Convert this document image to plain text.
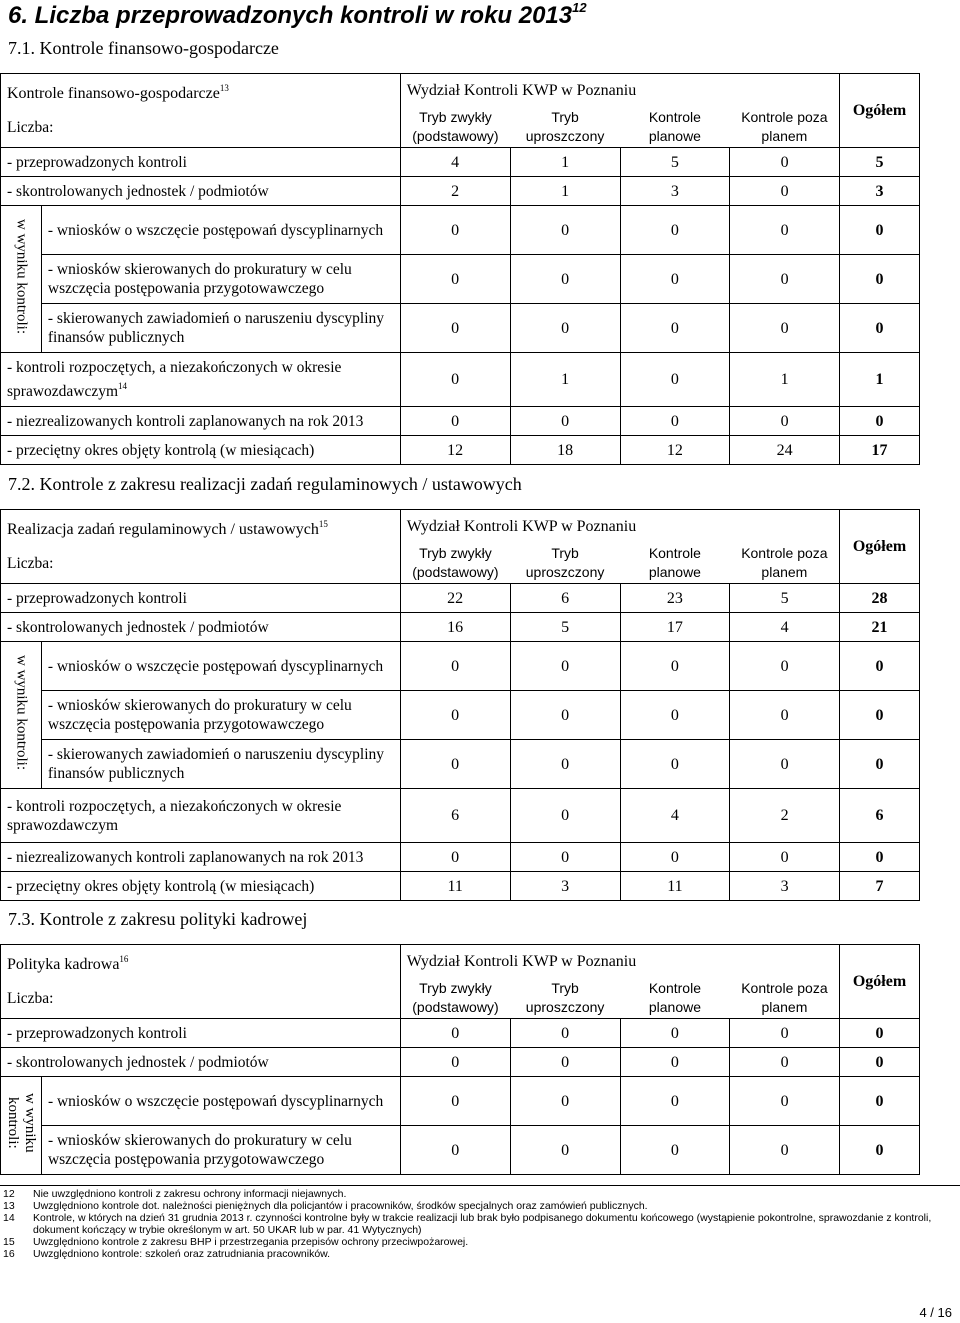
6. Liczba przeprowadzonych kontroli w roku 2013$^{12}$
7.1. Kontrole finansowo-gospodarcze
Kontrole finansowo-gospodarcze$^{13}$		Wydział Kontroli KWP w Poznaniu				Ogółem
Liczba:		Tryb zwykły (podstawowy)	Tryb uproszczony	Kontrole planowe	Kontrole poza planem	
- przeprowadzonych kontroli		4	1	5	0	5
- skontrolowanych jednostek / podmiotów		2	1	3	0	3
w wyniku kontroli:	- wniosków o wszczęcie postępowań dyscyplinarnych	0	0	0	0	0
	- wniosków skierowanych do prokuratury w celu wszczęcia postępowania przygotowawczego	0	0	0	0	0
	- skierowanych zawiadomień o naruszeniu dyscypliny finansów publicznych	0	0	0	0	0
- kontroli rozpoczętych, a niezakończonych w okresie sprawozdawczym$^{14}$		0	1	0	1	1
- niezrealizowanych kontroli zaplanowanych na rok 2013		0	0	0	0	0
- przeciętny okres objęty kontrolą (w miesiącach)		12	18	12	24	17
7.2. Kontrole z zakresu realizacji zadań regulaminowych / ustawowych
Realizacja zadań regulaminowych / ustawowych$^{15}$		Wydział Kontroli KWP w Poznaniu				Ogółem
Liczba:		Tryb zwykły (podstawowy)	Tryb uproszczony	Kontrole planowe	Kontrole poza planem	
- przeprowadzonych kontroli		22	6	23	5	28
- skontrolowanych jednostek / podmiotów		16	5	17	4	21
w wyniku kontroli:	- wniosków o wszczęcie postępowań dyscyplinarnych	0	0	0	0	0
	- wniosków skierowanych do prokuratury w celu wszczęcia postępowania przygotowawczego	0	0	0	0	0
	- skierowanych zawiadomień o naruszeniu dyscypliny finansów publicznych	0	0	0	0	0
- kontroli rozpoczętych, a niezakończonych w okresie sprawozdawczym		6	0	4	2	6
- niezrealizowanych kontroli zaplanowanych na rok 2013		0	0	0	0	0
- przeciętny okres objęty kontrolą (w miesiącach)		11	3	11	3	7
7.3. Kontrole z zakresu polityki kadrowej
Polityka kadrowa$^{16}$		Wydział Kontroli KWP w Poznaniu				Ogółem
Liczba:		Tryb zwykły (podstawowy)	Tryb uproszczony	Kontrole planowe	Kontrole poza planem	
- przeprowadzonych kontroli		0	0	0	0	0
- skontrolowanych jednostek / podmiotów		0	0	0	0	0
w wyniku kontroli:	- wniosków o wszczęcie postępowań dyscyplinarnych	0	0	0	0	0
	- wniosków skierowanych do prokuratury w celu wszczęcia postępowania przygotowawczego	0	0	0	0	0
12	Nie uwzględniono kontroli z zakresu ochrony informacji niejawnych.
13	Uwzględniono kontrole dot. należności pieniężnych dla policjantów i pracowników, środków specjalnych oraz zamówień publicznych.
14	Kontrole, w których na dzień 31 grudnia 2013 r. czynności kontrolne były w trakcie realizacji lub brak było podpisanego dokumentu końcowego (wystąpienie pokontrolne, sprawozdanie z kontroli, dokument kończący w trybie określonym w art. 50 UKAR lub w par. 41 Wytycznych)
15	Uwzględniono kontrole z zakresu BHP i przestrzegania przepisów ochrony przeciwpożarowej.
16	Uwzględniono kontrole: szkoleń oraz zatrudniania pracowników.
4 / 16
